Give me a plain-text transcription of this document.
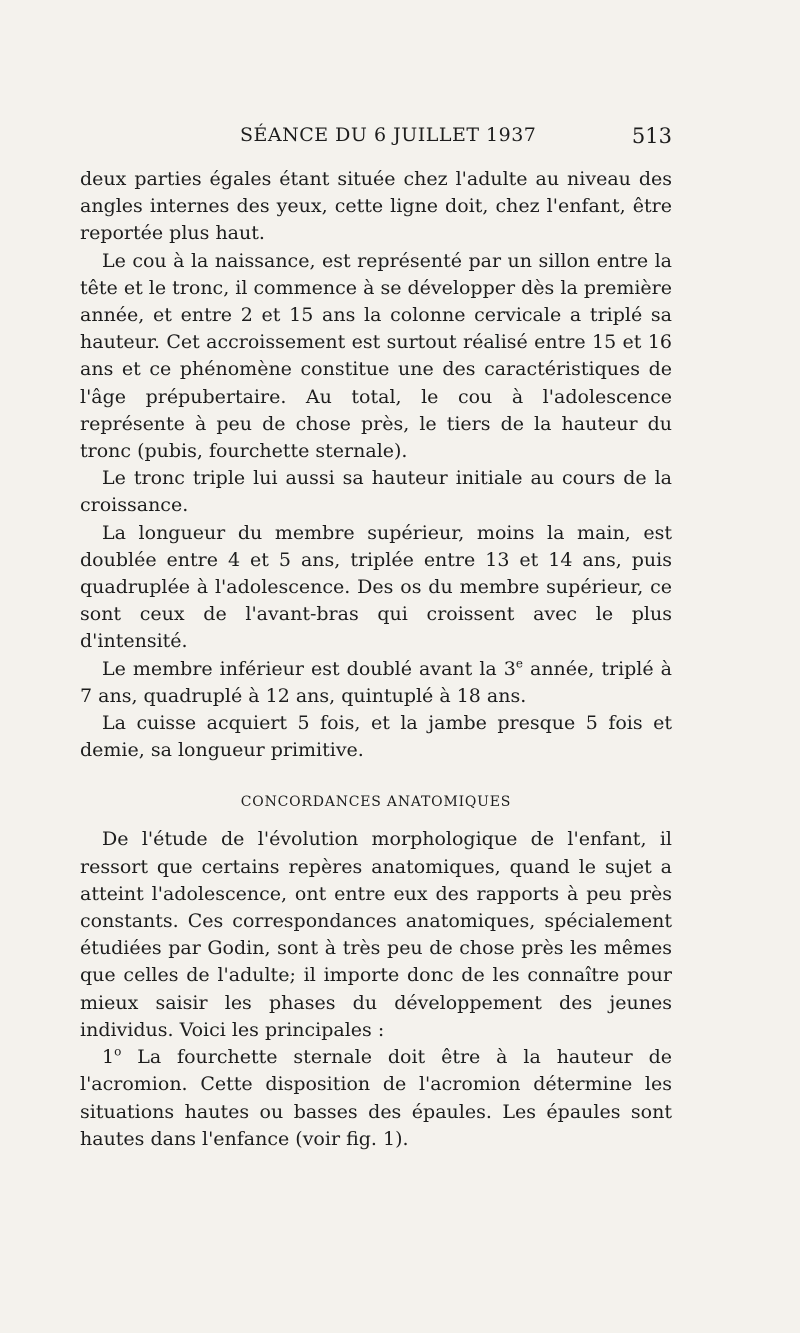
SÉANCE DU 6 JUILLET 1937	513

deux parties égales étant située chez l'adulte au niveau des angles internes des yeux, cette ligne doit, chez l'enfant, être reportée plus haut.

Le cou à la naissance, est représenté par un sillon entre la tête et le tronc, il commence à se développer dès la première année, et entre 2 et 15 ans la colonne cervicale a triplé sa hauteur. Cet accroissement est surtout réalisé entre 15 et 16 ans et ce phénomène constitue une des caractéristiques de l'âge prépubertaire. Au total, le cou à l'adolescence représente à peu de chose près, le tiers de la hauteur du tronc (pubis, fourchette sternale).

Le tronc triple lui aussi sa hauteur initiale au cours de la croissance.

La longueur du membre supérieur, moins la main, est doublée entre 4 et 5 ans, triplée entre 13 et 14 ans, puis quadruplée à l'adolescence. Des os du membre supérieur, ce sont ceux de l'avant-bras qui croissent avec le plus d'intensité.

Le membre inférieur est doublé avant la 3e année, triplé à 7 ans, quadruplé à 12 ans, quintuplé à 18 ans.

La cuisse acquiert 5 fois, et la jambe presque 5 fois et demie, sa longueur primitive.

CONCORDANCES ANATOMIQUES

De l'étude de l'évolution morphologique de l'enfant, il ressort que certains repères anatomiques, quand le sujet a atteint l'adolescence, ont entre eux des rapports à peu près constants. Ces correspondances anatomiques, spécialement étudiées par Godin, sont à très peu de chose près les mêmes que celles de l'adulte; il importe donc de les connaître pour mieux saisir les phases du développement des jeunes individus. Voici les principales :

1$^o$ La fourchette sternale doit être à la hauteur de l'acromion. Cette disposition de l'acromion détermine les situations hautes ou basses des épaules. Les épaules sont hautes dans l'enfance (voir fig. 1).
